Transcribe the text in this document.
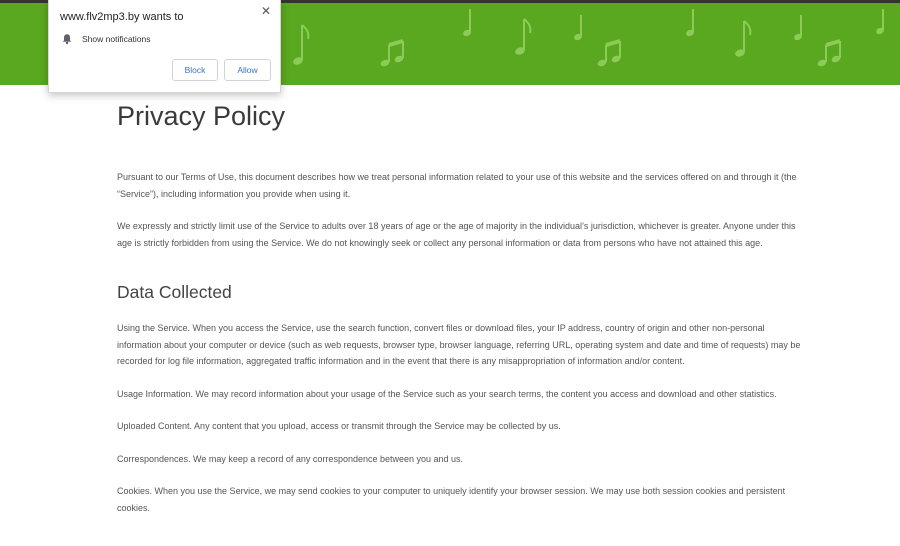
Privacy Policy

Pursuant to our Terms of Use, this document describes how we treat personal information related to your use of this website and the services offered on and through it (the “Service”), including information you provide when using it.

We expressly and strictly limit use of the Service to adults over 18 years of age or the age of majority in the individual’s jurisdiction, whichever is greater. Anyone under this age is strictly forbidden from using the Service. We do not knowingly seek or collect any personal information or data from persons who have not attained this age.

Data Collected

Using the Service. When you access the Service, use the search function, convert files or download files, your IP address, country of origin and other non-personal information about your computer or device (such as web requests, browser type, browser language, referring URL, operating system and date and time of requests) may be recorded for log file information, aggregated traffic information and in the event that there is any misappropriation of information and/or content.

Usage Information. We may record information about your usage of the Service such as your search terms, the content you access and download and other statistics.

Uploaded Content. Any content that you upload, access or transmit through the Service may be collected by us.

Correspondences. We may keep a record of any correspondence between you and us.

Cookies. When you use the Service, we may send cookies to your computer to uniquely identify your browser session. We may use both session cookies and persistent cookies.

www.flv2mp3.by wants to	✕
Show notifications
Block	Allow
